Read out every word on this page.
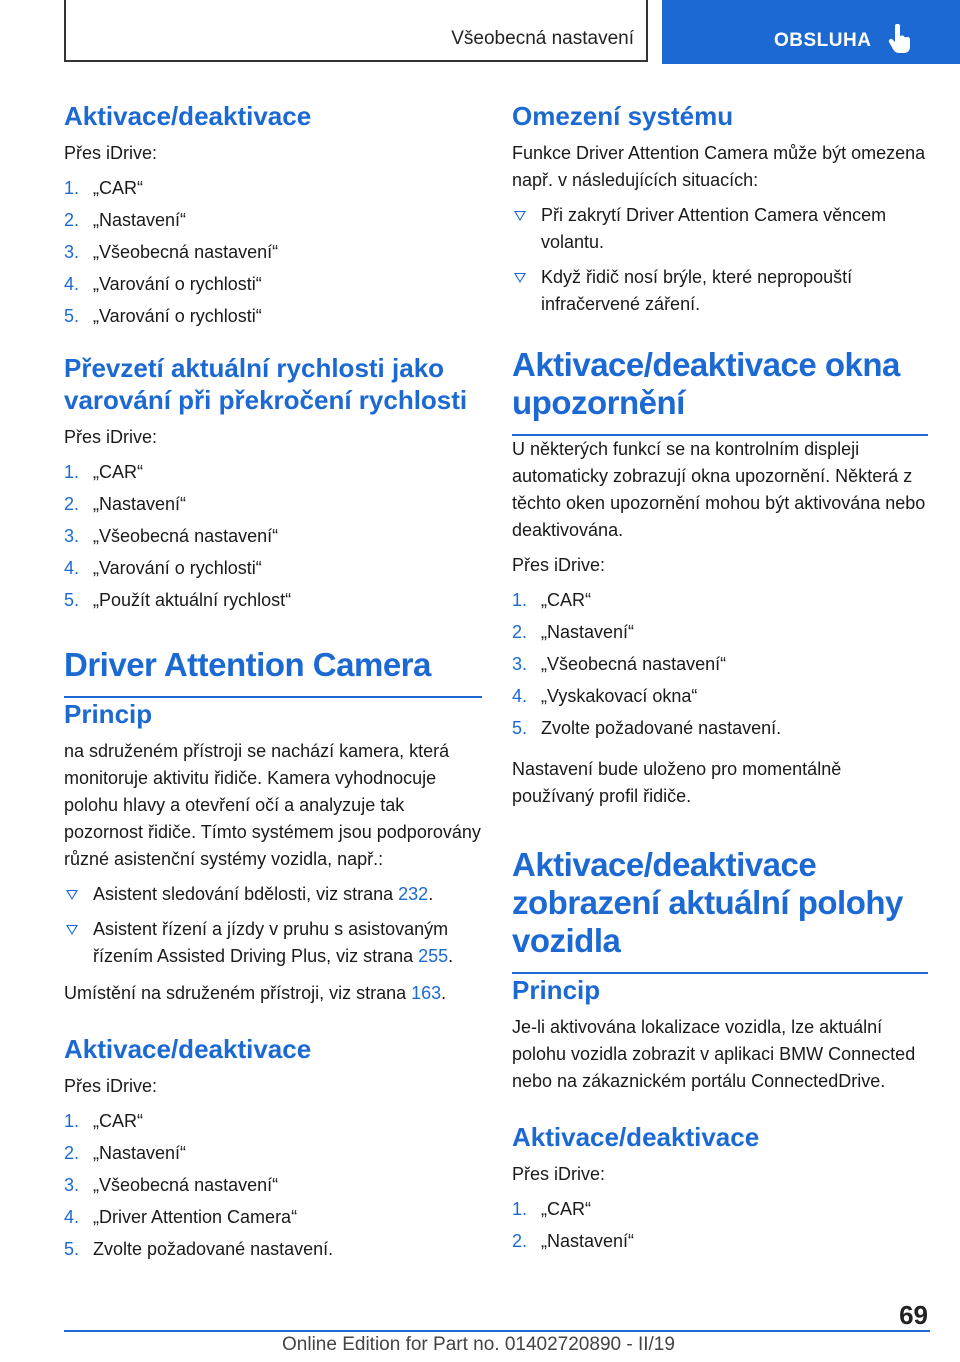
Všeobecná nastavení	OBSLUHA
Aktivace/deaktivace

Přes iDrive:

1. „CAR“
2. „Nastavení“
3. „Všeobecná nastavení“
4. „Varování o rychlosti“
5. „Varování o rychlosti“
Převzetí aktuální rychlosti jako varování při překročení rychlosti

Přes iDrive:

1. „CAR“
2. „Nastavení“
3. „Všeobecná nastavení“
4. „Varování o rychlosti“
5. „Použít aktuální rychlost“
Driver Attention Camera
Princip

na sdruženém přístroji se nachází kamera, která monitoruje aktivitu řidiče. Kamera vyhodnocuje polohu hlavy a otevření očí a analyzuje tak pozornost řidiče. Tímto systémem jsou podporovány různé asistenční systémy vozidla, např.:

Asistent sledování bdělosti, viz strana 232.
Asistent řízení a jízdy v pruhu s asistovaným řízením Assisted Driving Plus, viz strana 255.

Umístění na sdruženém přístroji, viz strana 163.

Aktivace/deaktivace

Přes iDrive:

1. „CAR“
2. „Nastavení“
3. „Všeobecná nastavení“
4. „Driver Attention Camera“
5. Zvolte požadované nastavení.
Omezení systému

Funkce Driver Attention Camera může být omezena např. v následujících situacích:

Při zakrytí Driver Attention Camera věncem volantu.
Když řidič nosí brýle, které nepropouští infračervené záření.
Aktivace/deaktivace okna upozornění

U některých funkcí se na kontrolním displeji automaticky zobrazují okna upozornění. Některá z těchto oken upozornění mohou být aktivována nebo deaktivována.

Přes iDrive:

1. „CAR“
2. „Nastavení“
3. „Všeobecná nastavení“
4. „Vyskakovací okna“
5. Zvolte požadované nastavení.

Nastavení bude uloženo pro momentálně používaný profil řidiče.

Aktivace/deaktivace zobrazení aktuální polohy vozidla
Princip

Je-li aktivována lokalizace vozidla, lze aktuální polohu vozidla zobrazit v aplikaci BMW Connected nebo na zákaznickém portálu ConnectedDrive.

Aktivace/deaktivace

Přes iDrive:

1. „CAR“
2. „Nastavení“
69
Online Edition for Part no. 01402720890 - II/19
